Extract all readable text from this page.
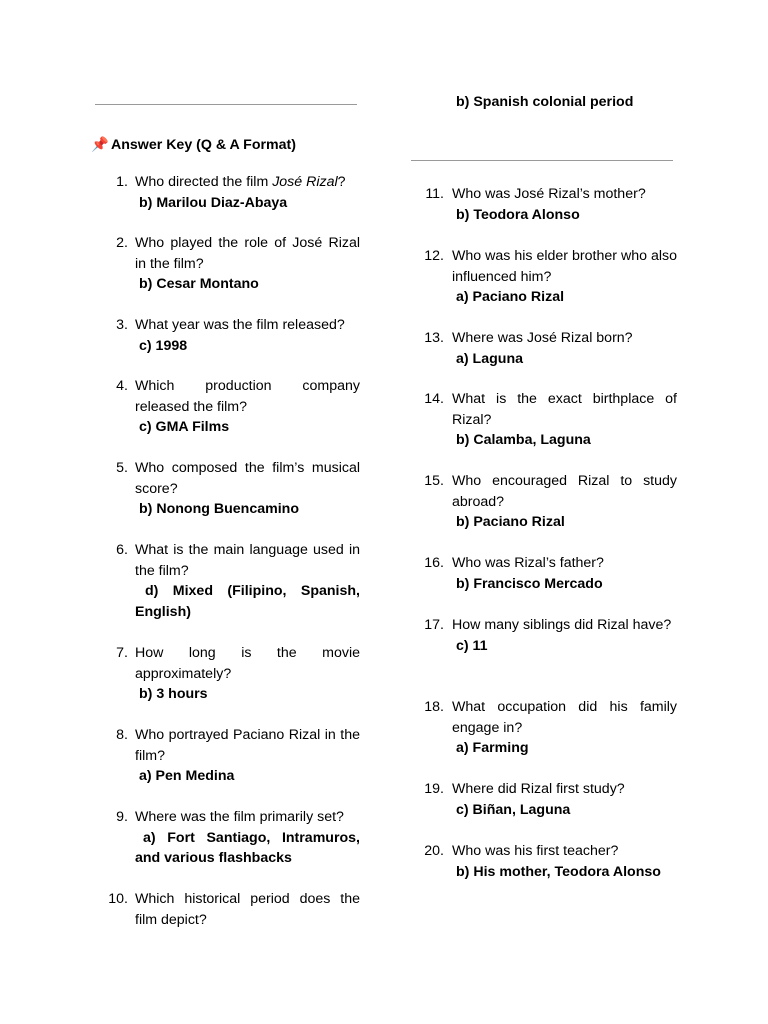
b) Spanish colonial period
📌 Answer Key (Q & A Format)
1. Who directed the film José Rizal?
b) Marilou Diaz-Abaya
2. Who played the role of José Rizal in the film?
b) Cesar Montano
3. What year was the film released?
c) 1998
4. Which production company released the film?
c) GMA Films
5. Who composed the film’s musical score?
b) Nonong Buencamino
6. What is the main language used in the film?
d) Mixed (Filipino, Spanish, English)
7. How long is the movie approximately?
b) 3 hours
8. Who portrayed Paciano Rizal in the film?
a) Pen Medina
9. Where was the film primarily set?
a) Fort Santiago, Intramuros, and various flashbacks
10. Which historical period does the film depict?
11. Who was José Rizal’s mother?
b) Teodora Alonso
12. Who was his elder brother who also influenced him?
a) Paciano Rizal
13. Where was José Rizal born?
a) Laguna
14. What is the exact birthplace of Rizal?
b) Calamba, Laguna
15. Who encouraged Rizal to study abroad?
b) Paciano Rizal
16. Who was Rizal’s father?
b) Francisco Mercado
17. How many siblings did Rizal have?
c) 11
18. What occupation did his family engage in?
a) Farming
19. Where did Rizal first study?
c) Biñan, Laguna
20. Who was his first teacher?
b) His mother, Teodora Alonso
